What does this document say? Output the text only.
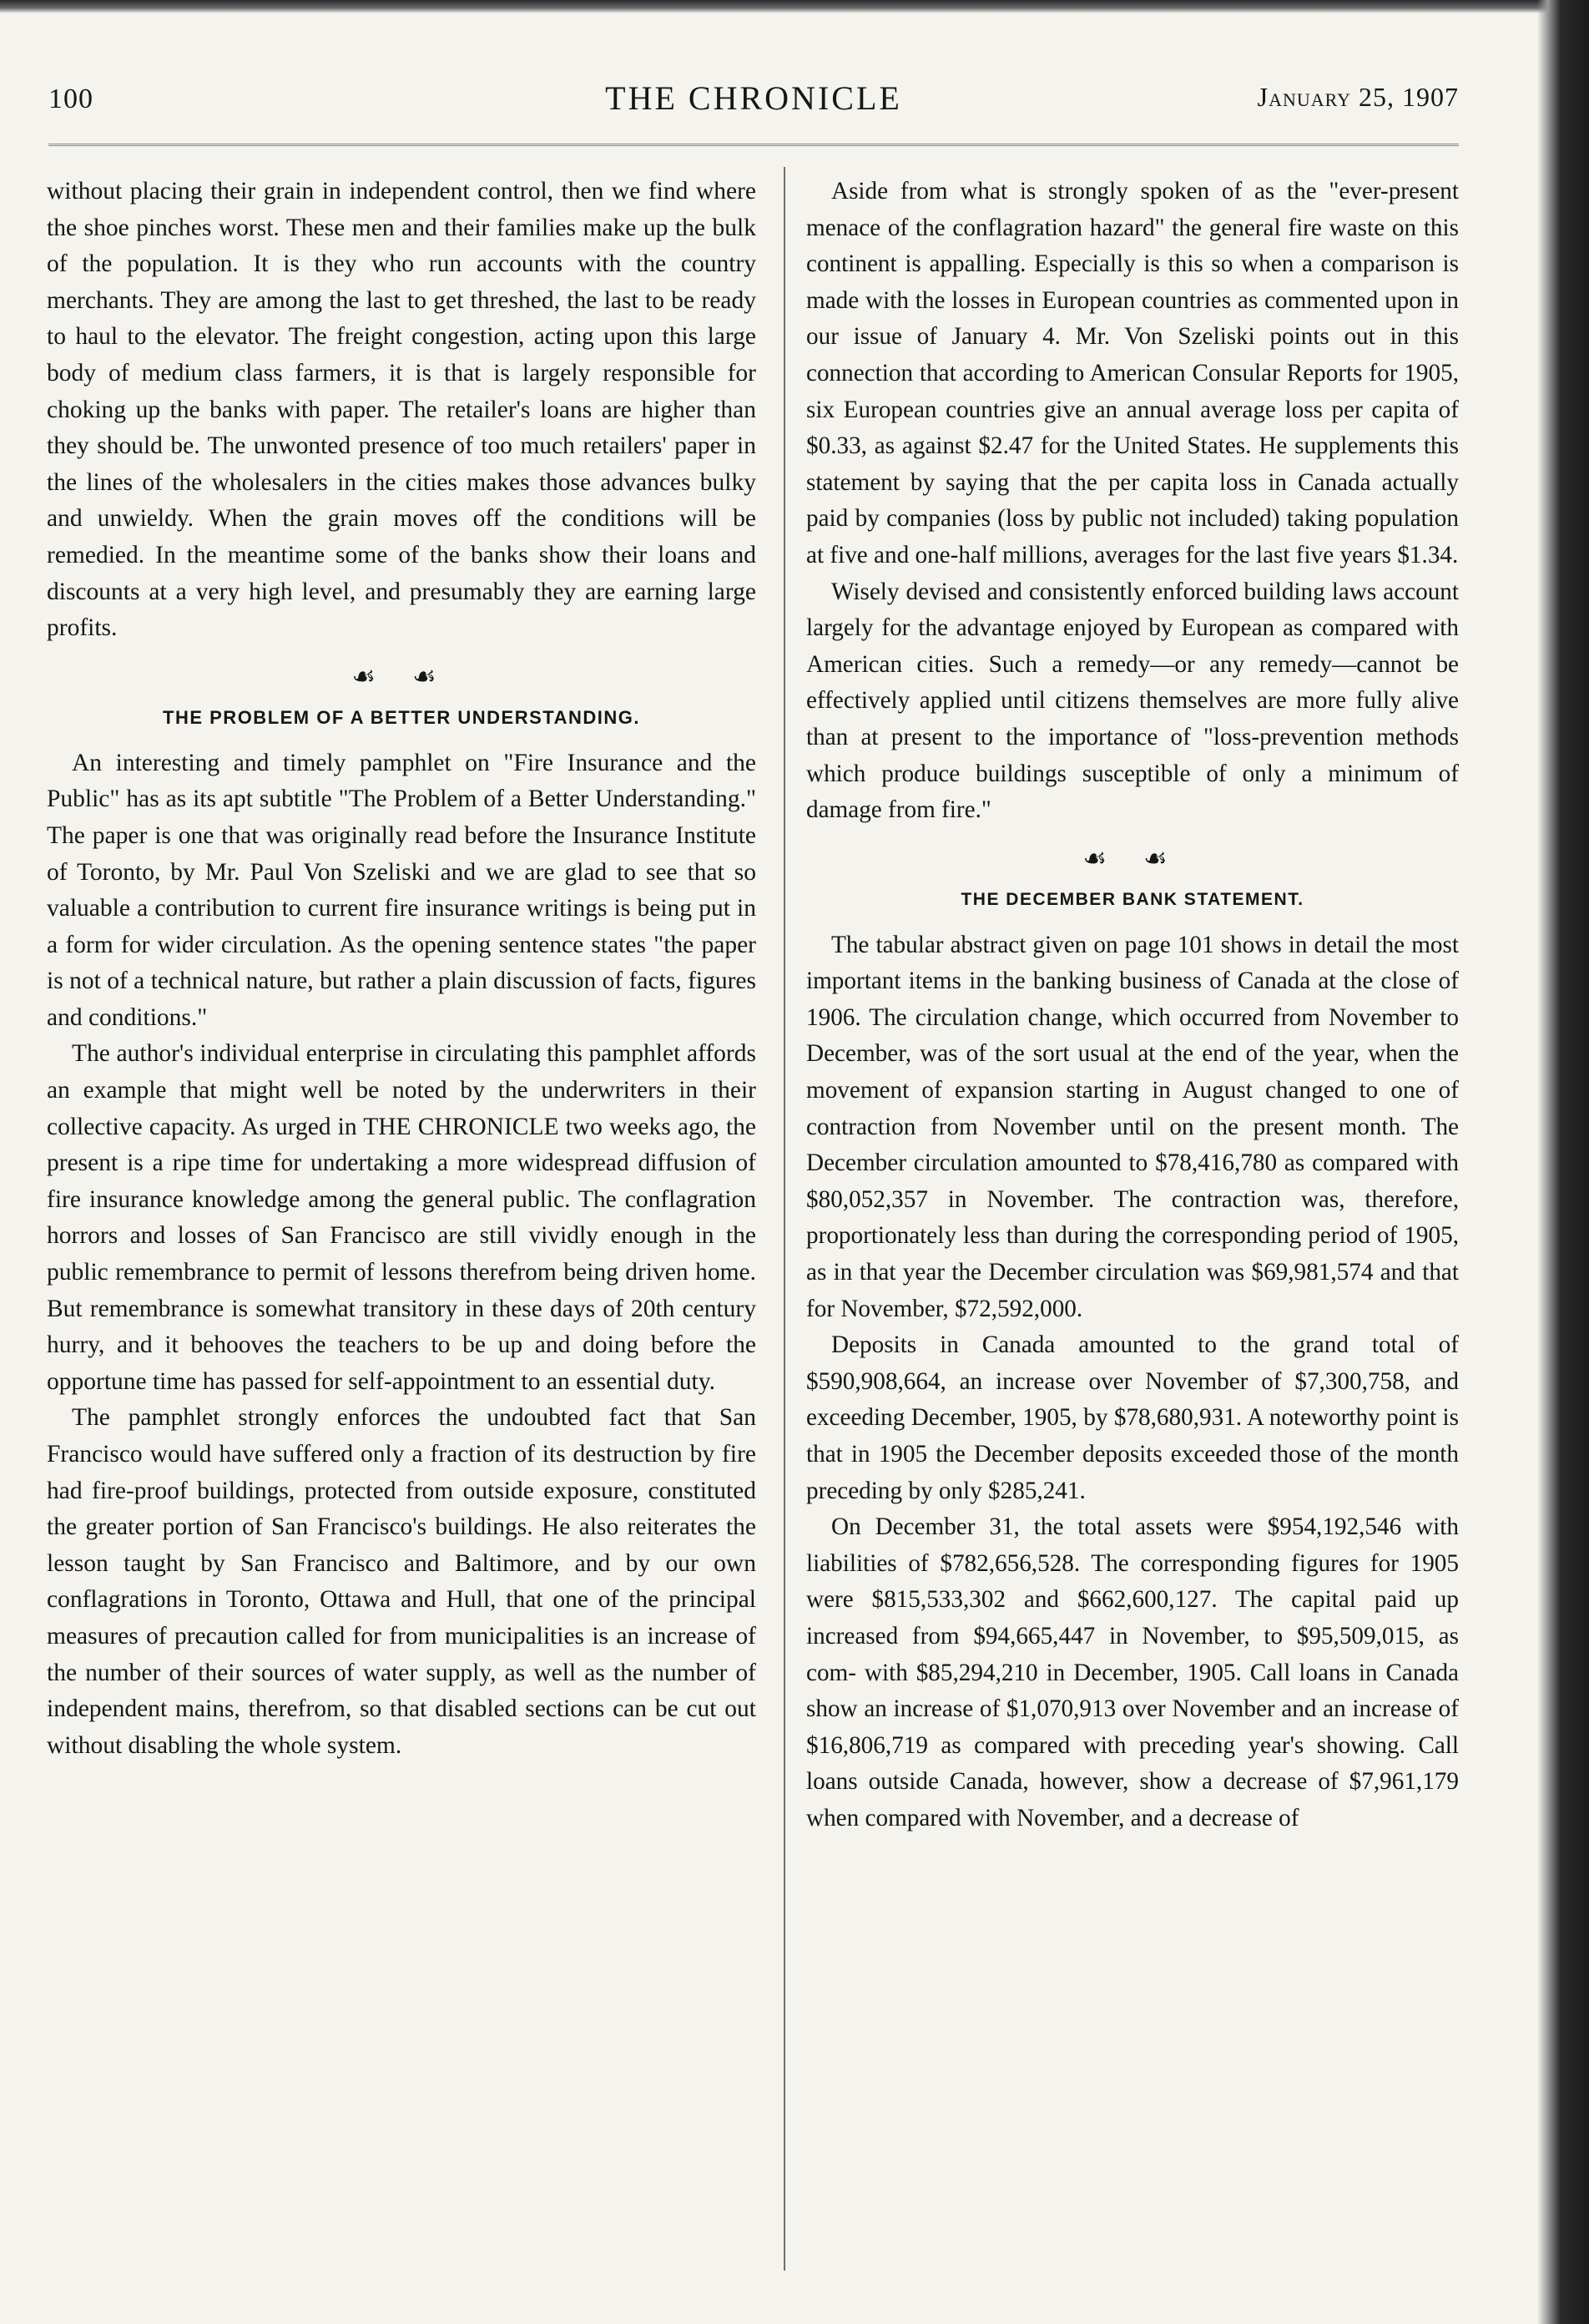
100	THE CHRONICLE	January 25, 1907

without placing their grain in independent control, then we find where the shoe pinches worst. These men and their families make up the bulk of the population. It is they who run accounts with the country merchants. They are among the last to get threshed, the last to be ready to haul to the elevator. The freight congestion, acting upon this large body of medium class farmers, it is that is largely responsible for choking up the banks with paper. The retailer's loans are higher than they should be. The unwonted presence of too much retailers' paper in the lines of the wholesalers in the cities makes those advances bulky and unwieldy. When the grain moves off the conditions will be remedied. In the meantime some of the banks show their loans and discounts at a very high level, and presumably they are earning large profits.

☙ ☙
THE PROBLEM OF A BETTER UNDERSTANDING.

An interesting and timely pamphlet on "Fire Insurance and the Public" has as its apt subtitle "The Problem of a Better Understanding." The paper is one that was originally read before the Insurance Institute of Toronto, by Mr. Paul Von Szeliski and we are glad to see that so valuable a contribution to current fire insurance writings is being put in a form for wider circulation. As the opening sentence states "the paper is not of a technical nature, but rather a plain discussion of facts, figures and conditions."

The author's individual enterprise in circulating this pamphlet affords an example that might well be noted by the underwriters in their collective capacity. As urged in THE CHRONICLE two weeks ago, the present is a ripe time for undertaking a more widespread diffusion of fire insurance knowledge among the general public. The conflagration horrors and losses of San Francisco are still vividly enough in the public remembrance to permit of lessons therefrom being driven home. But remembrance is somewhat transitory in these days of 20th century hurry, and it behooves the teachers to be up and doing before the opportune time has passed for self-appointment to an essential duty.

The pamphlet strongly enforces the undoubted fact that San Francisco would have suffered only a fraction of its destruction by fire had fire-proof buildings, protected from outside exposure, constituted the greater portion of San Francisco's buildings. He also reiterates the lesson taught by San Francisco and Baltimore, and by our own conflagrations in Toronto, Ottawa and Hull, that one of the principal measures of precaution called for from municipalities is an increase of the number of their sources of water supply, as well as the number of independent mains, therefrom, so that disabled sections can be cut out without disabling the whole system.

Aside from what is strongly spoken of as the "ever-present menace of the conflagration hazard" the general fire waste on this continent is appalling. Especially is this so when a comparison is made with the losses in European countries as commented upon in our issue of January 4. Mr. Von Szeliski points out in this connection that according to American Consular Reports for 1905, six European countries give an annual average loss per capita of $0.33, as against $2.47 for the United States. He supplements this statement by saying that the per capita loss in Canada actually paid by companies (loss by public not included) taking population at five and one-half millions, averages for the last five years $1.34.

Wisely devised and consistently enforced building laws account largely for the advantage enjoyed by European as compared with American cities. Such a remedy—or any remedy—cannot be effectively applied until citizens themselves are more fully alive than at present to the importance of "loss-prevention methods which produce buildings susceptible of only a minimum of damage from fire."

☙ ☙
THE DECEMBER BANK STATEMENT.

The tabular abstract given on page 101 shows in detail the most important items in the banking business of Canada at the close of 1906. The circulation change, which occurred from November to December, was of the sort usual at the end of the year, when the movement of expansion starting in August changed to one of contraction from November until on the present month. The December circulation amounted to $78,416,780 as compared with $80,052,357 in November. The contraction was, therefore, proportionately less than during the corresponding period of 1905, as in that year the December circulation was $69,981,574 and that for November, $72,592,000.

Deposits in Canada amounted to the grand total of $590,908,664, an increase over November of $7,300,758, and exceeding December, 1905, by $78,680,931. A noteworthy point is that in 1905 the December deposits exceeded those of the month preceding by only $285,241.

On December 31, the total assets were $954,192,546 with liabilities of $782,656,528. The corresponding figures for 1905 were $815,533,302 and $662,600,127. The capital paid up increased from $94,665,447 in November, to $95,509,015, as com- with $85,294,210 in December, 1905. Call loans in Canada show an increase of $1,070,913 over November and an increase of $16,806,719 as compared with preceding year's showing. Call loans outside Canada, however, show a decrease of $7,961,179 when compared with November, and a decrease of
